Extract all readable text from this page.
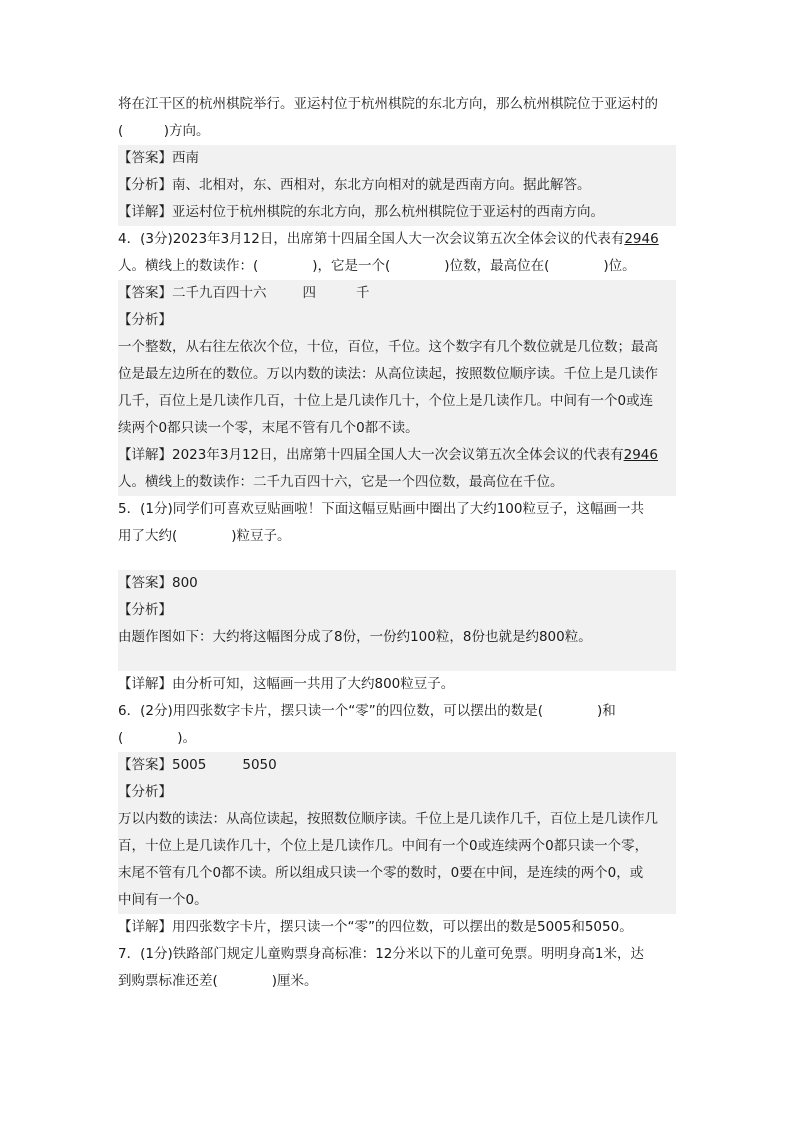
将在江干区的杭州棋院举行。亚运村位于杭州棋院的东北方向，那么杭州棋院位于亚运村的
(　　　)方向。
【答案】西南
【分析】南、北相对，东、西相对，东北方向相对的就是西南方向。据此解答。
【详解】亚运村位于杭州棋院的东北方向，那么杭州棋院位于亚运村的西南方向。
4．(3分)2023年3月12日，出席第十四届全国人大一次会议第五次全体会议的代表有2946
人。横线上的数读作：(　　　　)，它是一个(　　　　)位数，最高位在(　　　　)位。
【答案】二千九百四十六	四	千
【分析】
一个整数，从右往左依次个位，十位，百位，千位。这个数字有几个数位就是几位数；最高
位是最左边所在的数位。万以内数的读法：从高位读起，按照数位顺序读。千位上是几读作
几千，百位上是几读作几百，十位上是几读作几十，个位上是几读作几。中间有一个0或连
续两个0都只读一个零，末尾不管有几个0都不读。
【详解】2023年3月12日，出席第十四届全国人大一次会议第五次全体会议的代表有2946
人。横线上的数读作：二千九百四十六，它是一个四位数，最高位在千位。
5．(1分)同学们可喜欢豆贴画啦！下面这幅豆贴画中圈出了大约100粒豆子，这幅画一共
用了大约(　　　　)粒豆子。
【答案】800
【分析】
由题作图如下：大约将这幅图分成了8份，一份约100粒，8份也就是约800粒。
【详解】由分析可知，这幅画一共用了大约800粒豆子。
6．(2分)用四张数字卡片，摆只读一个“零”的四位数，可以摆出的数是(　　　　)和
(　　　　)。
【答案】5005	5050
【分析】
万以内数的读法：从高位读起，按照数位顺序读。千位上是几读作几千，百位上是几读作几
百，十位上是几读作几十，个位上是几读作几。中间有一个0或连续两个0都只读一个零，
末尾不管有几个0都不读。所以组成只读一个零的数时，0要在中间，是连续的两个0，或
中间有一个0。
【详解】用四张数字卡片，摆只读一个“零”的四位数，可以摆出的数是5005和5050。
7．(1分)铁路部门规定儿童购票身高标准：12分米以下的儿童可免票。明明身高1米，达
到购票标准还差(　　　　)厘米。
